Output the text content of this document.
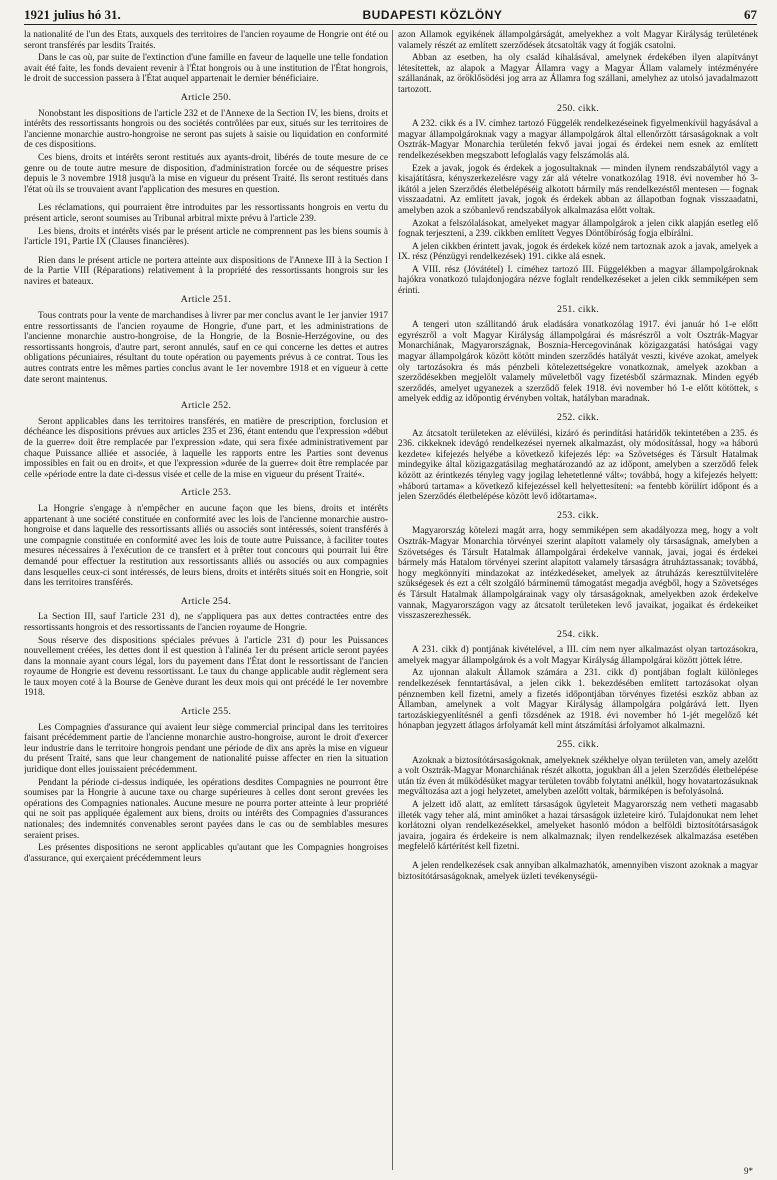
1921 julius hó 31.	BUDAPESTI KÖZLÖNY	67

la nationalité de l'un des États, auxquels des territoires de l'ancien royaume de Hongrie ont été ou seront transférés par lesdits Traités.

Dans le cas où, par suite de l'extinction d'une famille en faveur de laquelle une telle fondation avait été faite, les fonds devaient revenir à l'État hongrois ou à une institution de l'État hongrois, le droit de succession passera à l'État auquel appartenait le dernier bénéficiaire.

Article 250.

Nonobstant les dispositions de l'article 232 et de l'Annexe de la Section IV, les biens, droits et intérêts des ressortissants hongrois ou des sociétés contrôlées par eux, situés sur les territoires de l'ancienne monarchie austro-hongroise ne seront pas sujets à saisie ou liquidation en conformité de ces dispositions.

Ces biens, droits et intérêts seront restitués aux ayants-droit, libérés de toute mesure de ce genre ou de toute autre mesure de disposition, d'administration forcée ou de séquestre prises depuis le 3 novembre 1918 jusqu'à la mise en vigueur du présent Traité. Ils seront restitués dans l'état où ils se trouvaient avant l'application des mesures en question.

Les réclamations, qui pourraient être introduites par les ressortissants hongrois en vertu du présent article, seront soumises au Tribunal arbitral mixte prévu à l'article 239.

Les biens, droits et intérêts visés par le présent article ne comprennent pas les biens soumis à l'article 191, Partie IX (Clauses financières).

Rien dans le présent article ne portera atteinte aux dispositions de l'Annexe III à la Section I de la Partie VIII (Réparations) relativement à la propriété des ressortissants hongrois sur les navires et bateaux.

Article 251.

Tous contrats pour la vente de marchandises à livrer par mer conclus avant le 1er janvier 1917 entre ressortissants de l'ancien royaume de Hongrie, d'une part, et les administrations de l'ancienne monarchie austro-hongroise, de la Hongrie, de la Bosnie-Herzégovine, ou des ressortissants hongrois, d'autre part, seront annulés, sauf en ce qui concerne les dettes et autres obligations pécuniaires, résultant du toute opération ou payements prévus à ce contrat. Tous les autres contrats entre les mêmes parties conclus avant le 1er novembre 1918 et en vigueur à cette date seront maintenus.

Article 252.

Seront applicables dans les territoires transférés, en matière de prescription, forclusion et déchéance les dispositions prévues aux articles 235 et 236, étant entendu que l'expression »début de la guerre« doit être remplacée par l'expression »date, qui sera fixée administrativement par chaque Puissance alliée et associée, à laquelle les rapports entre les Parties sont devenus impossibles en fait ou en droit«, et que l'expression »durée de la guerre« doit être remplacée par celle »période entre la date ci-dessus visée et celle de la mise en vigueur du présent Traité«.

Article 253.

La Hongrie s'engage à n'empêcher en aucune façon que les biens, droits et intérêts appartenant à une société constituée en conformité avec les lois de l'ancienne monarchie austro-hongroise et dans laquelle des ressortissants alliés ou associés sont intéressés, soient transférés à une compagnie constituée en conformité avec les lois de toute autre Puissance, à faciliter toutes mesures nécessaires à l'exécution de ce transfert et à prêter tout concours qui pourrait lui être demandé pour effectuer la restitution aux ressortissants alliés ou associés ou aux compagnies dans lesquelles ceux-ci sont intéressés, de leurs biens, droits et intérêts situés soit en Hongrie, soit dans les territoires transférés.

Article 254.

La Section III, sauf l'article 231 d), ne s'appliquera pas aux dettes contractées entre des ressortissants hongrois et des ressortissants de l'ancien royaume de Hongrie.

Sous réserve des dispositions spéciales prévues à l'article 231 d) pour les Puissances nouvellement créées, les dettes dont il est question à l'alinéa 1er du présent article seront payées dans la monnaie ayant cours légal, lors du payement dans l'État dont le ressortissant de l'ancien royaume de Hongrie est devenu ressortissant. Le taux du change applicable audit règlement sera le taux moyen coté à la Bourse de Genève durant les deux mois qui ont précédé le 1er novembre 1918.

Article 255.

Les Compagnies d'assurance qui avaient leur siège commercial principal dans les territoires faisant précédemment partie de l'ancienne monarchie austro-hongroise, auront le droit d'exercer leur industrie dans le territoire hongrois pendant une période de dix ans après la mise en vigueur du présent Traité, sans que leur changement de nationalité puisse affecter en rien la situation juridique dont elles jouissaient précédemment.

Pendant la période ci-dessus indiquée, les opérations desdites Compagnies ne pourront être soumises par la Hongrie à aucune taxe ou charge supérieures à celles dont seront grevées les opérations des Compagnies nationales. Aucune mesure ne pourra porter atteinte à leur propriété qui ne soit pas appliquée également aux biens, droits ou intérêts des Compagnies d'assurances nationales; des indemnités convenables seront payées dans le cas ou de semblables mesures seraient prises.

Les présentes dispositions ne seront applicables qu'autant que les Compagnies hongroises d'assurance, qui exerçaient précédemment leurs

azon Államok egyikének állampolgárságát, amelyekhez a volt Magyar Királyság területének valamely részét az említett szerződések átcsatolták vagy át fogják csatolni.

Abban az esetben, ha oly család kihalásával, amelynek érdekében ilyen alapítványt létesítettek, az alapok a Magyar Államra vagy a Magyar Állam valamely intézményére szállanának, az öröklősödési jog arra az Államra fog szállani, amelyhez az utolsó javadalmazott tartozott.

250. cikk.

A 232. cikk és a IV. címhez tartozó Függelék rendelkezéseinek figyelmenkívül hagyásával a magyar állampolgároknak vagy a magyar állampolgárok által ellenőrzött társaságoknak a volt Osztrák-Magyar Monarchia területén fekvő javai jogai és érdekei nem esnek az említett rendelkezésekben megszabott lefoglalás vagy felszámolás alá.

Ezek a javak, jogok és érdekek a jogosultaknak — minden ilynem rendszabálytól vagy a kisajátításra, kényszerkezelésre vagy zár alá vételre vonatkozólag 1918. évi november hó 3-ikától a jelen Szerződés életbelépéséig alkotott bármily más rendelkezéstől mentesen — fognak visszaadatni. Az említett javak, jogok és érdekek abban az állapotban fognak visszaadatni, amelyben azok a szóbanlevő rendszabályok alkalmazása előtt voltak.

Azokat a felszólalásokat, amelyeket magyar állampolgárok a jelen cikk alapján esetleg elő fognak terjeszteni, a 239. cikkben említett Vegyes Döntőbíróság fogja elbírálni.

A jelen cikkben érintett javak, jogok és érdekek közé nem tartoznak azok a javak, amelyek a IX. rész (Pénzügyi rendelkezések) 191. cikke alá esnek.

A VIII. rész (Jóvátétel) I. címéhez tartozó III. Függelékben a magyar állampolgároknak hajókra vonatkozó tulajdonjogára nézve foglalt rendelkezéseket a jelen cikk semmiképen sem érinti.

251. cikk.

A tengeri uton szállitandó áruk eladására vonatkozólag 1917. évi január hó 1-e előtt egyrészről a volt Magyar Királyság állampolgárai és másrészről a volt Osztrák-Magyar Monarchiának, Magyarországnak, Bosznia-Hercegovinának közigazgatási hatóságai vagy magyar állampolgárok között kötött minden szerződés hatályát veszti, kivéve azokat, amelyek oly tartozásokra és más pénzbeli kötelezettségekre vonatkoznak, amelyek azokban a szerződésekben megjelölt valamely műveletből vagy fizetésből származnak. Minden egyéb szerződés, amelyet ugyanezek a szerződő felek 1918. évi november hó 1-e előtt kötöttek, s amelyek eddig az időpontig érvényben voltak, hatályban maradnak.

252. cikk.

Az átcsatolt területeken az elévülési, kizáró és perindítási határidők tekintetében a 235. és 236. cikkeknek idevágó rendelkezései nyernek alkalmazást, oly módosítással, hogy »a háború kezdete« kifejezés helyébe a következő kifejezés lép: »a Szövetséges és Társult Hatalmak mindegyike által közigazgatásilag meghatározandó az az időpont, amelyben a szerződő felek között az érintkezés tényleg vagy jogilag lehetetlenné vált«; továbbá, hogy a kifejezés helyett: »háború tartama« a következő kifejezéssel kell helyettesíteni: »a fentebb körülírt időpont és a jelen Szerződés életbelépése között levő időtartama«.

253. cikk.

Magyarország kötelezi magát arra, hogy semmiképen sem akadályozza meg, hogy a volt Osztrák-Magyar Monarchia törvényei szerint alapított valamely oly társaságnak, amelyben a Szövetséges és Társult Hatalmak állampolgárai érdekelve vannak, javai, jogai és érdekei bármely más Hatalom törvényei szerint alapitott valamely társaságra átruháztassanak; továbbá, hogy megkönnyíti mindazokat az intézkedéseket, amelyek az átruházás keresztülvitelére szükségesek és ezt a célt szolgáló bárminemű támogatást megadja avégből, hogy a Szövetséges és Társult Hatalmak állampolgárainak vagy oly társaságoknak, amelyekben azok érdekelve vannak, Magyarországon vagy az átcsatolt területeken levő javaikat, jogaikat és érdekeiket visszaszerezhessék.

254. cikk.

A 231. cikk d) pontjának kivételével, a III. cím nem nyer alkalmazást olyan tartozásokra, amelyek magyar állampolgárok és a volt Magyar Királyság állampolgárai között jöttek létre.

Az ujonnan alakult Államok számára a 231. cikk d) pontjában foglalt különleges rendelkezések fenntartásával, a jelen cikk 1. bekezdésében említett tartozásokat olyan pénznemben kell fizetni, amely a fizetés időpontjában törvényes fizetési eszköz abban az Államban, amelynek a volt Magyar Királyság állampolgára polgárává lett. Ilyen tartozáskiegyenlítésnél a genfi tőzsdének az 1918. évi november hó 1-jét megelőző két hónapban jegyzett átlagos árfolyamát kell mint átszámítási árfolyamot alkalmazni.

255. cikk.

Azoknak a biztosítótársaságoknak, amelyeknek székhelye olyan területen van, amely azelőtt a volt Osztrák-Magyar Monarchiának részét alkotta, jogukban áll a jelen Szerződés életbelépése után tíz éven át működésüket magyar területen tovább folytatni anélkül, hogy hovatartozásuknak megváltozása azt a jogi helyzetet, amelyben azelőtt voltak, bármiképen is befolyásolná.

A jelzett idő alatt, az említett társaságok ügyleteit Magyarország nem vetheti magasabb illeték vagy teher alá, mint aminőket a hazai társaságok üzleteire kiró. Tulajdonukat nem lehet korlátozni olyan rendelkezésekkel, amelyeket hasonló módon a belföldi biztosítótársaságok javaira, jogaira és érdekeire is nem alkalmaznak; ilyen rendelkezések alkalmazása esetében megfelelő kártérítést kell fizetni.

A jelen rendelkezések csak annyiban alkalmazhatók, amennyiben viszont azoknak a magyar biztosítótársaságoknak, amelyek üzleti tevékenységü-

9*
